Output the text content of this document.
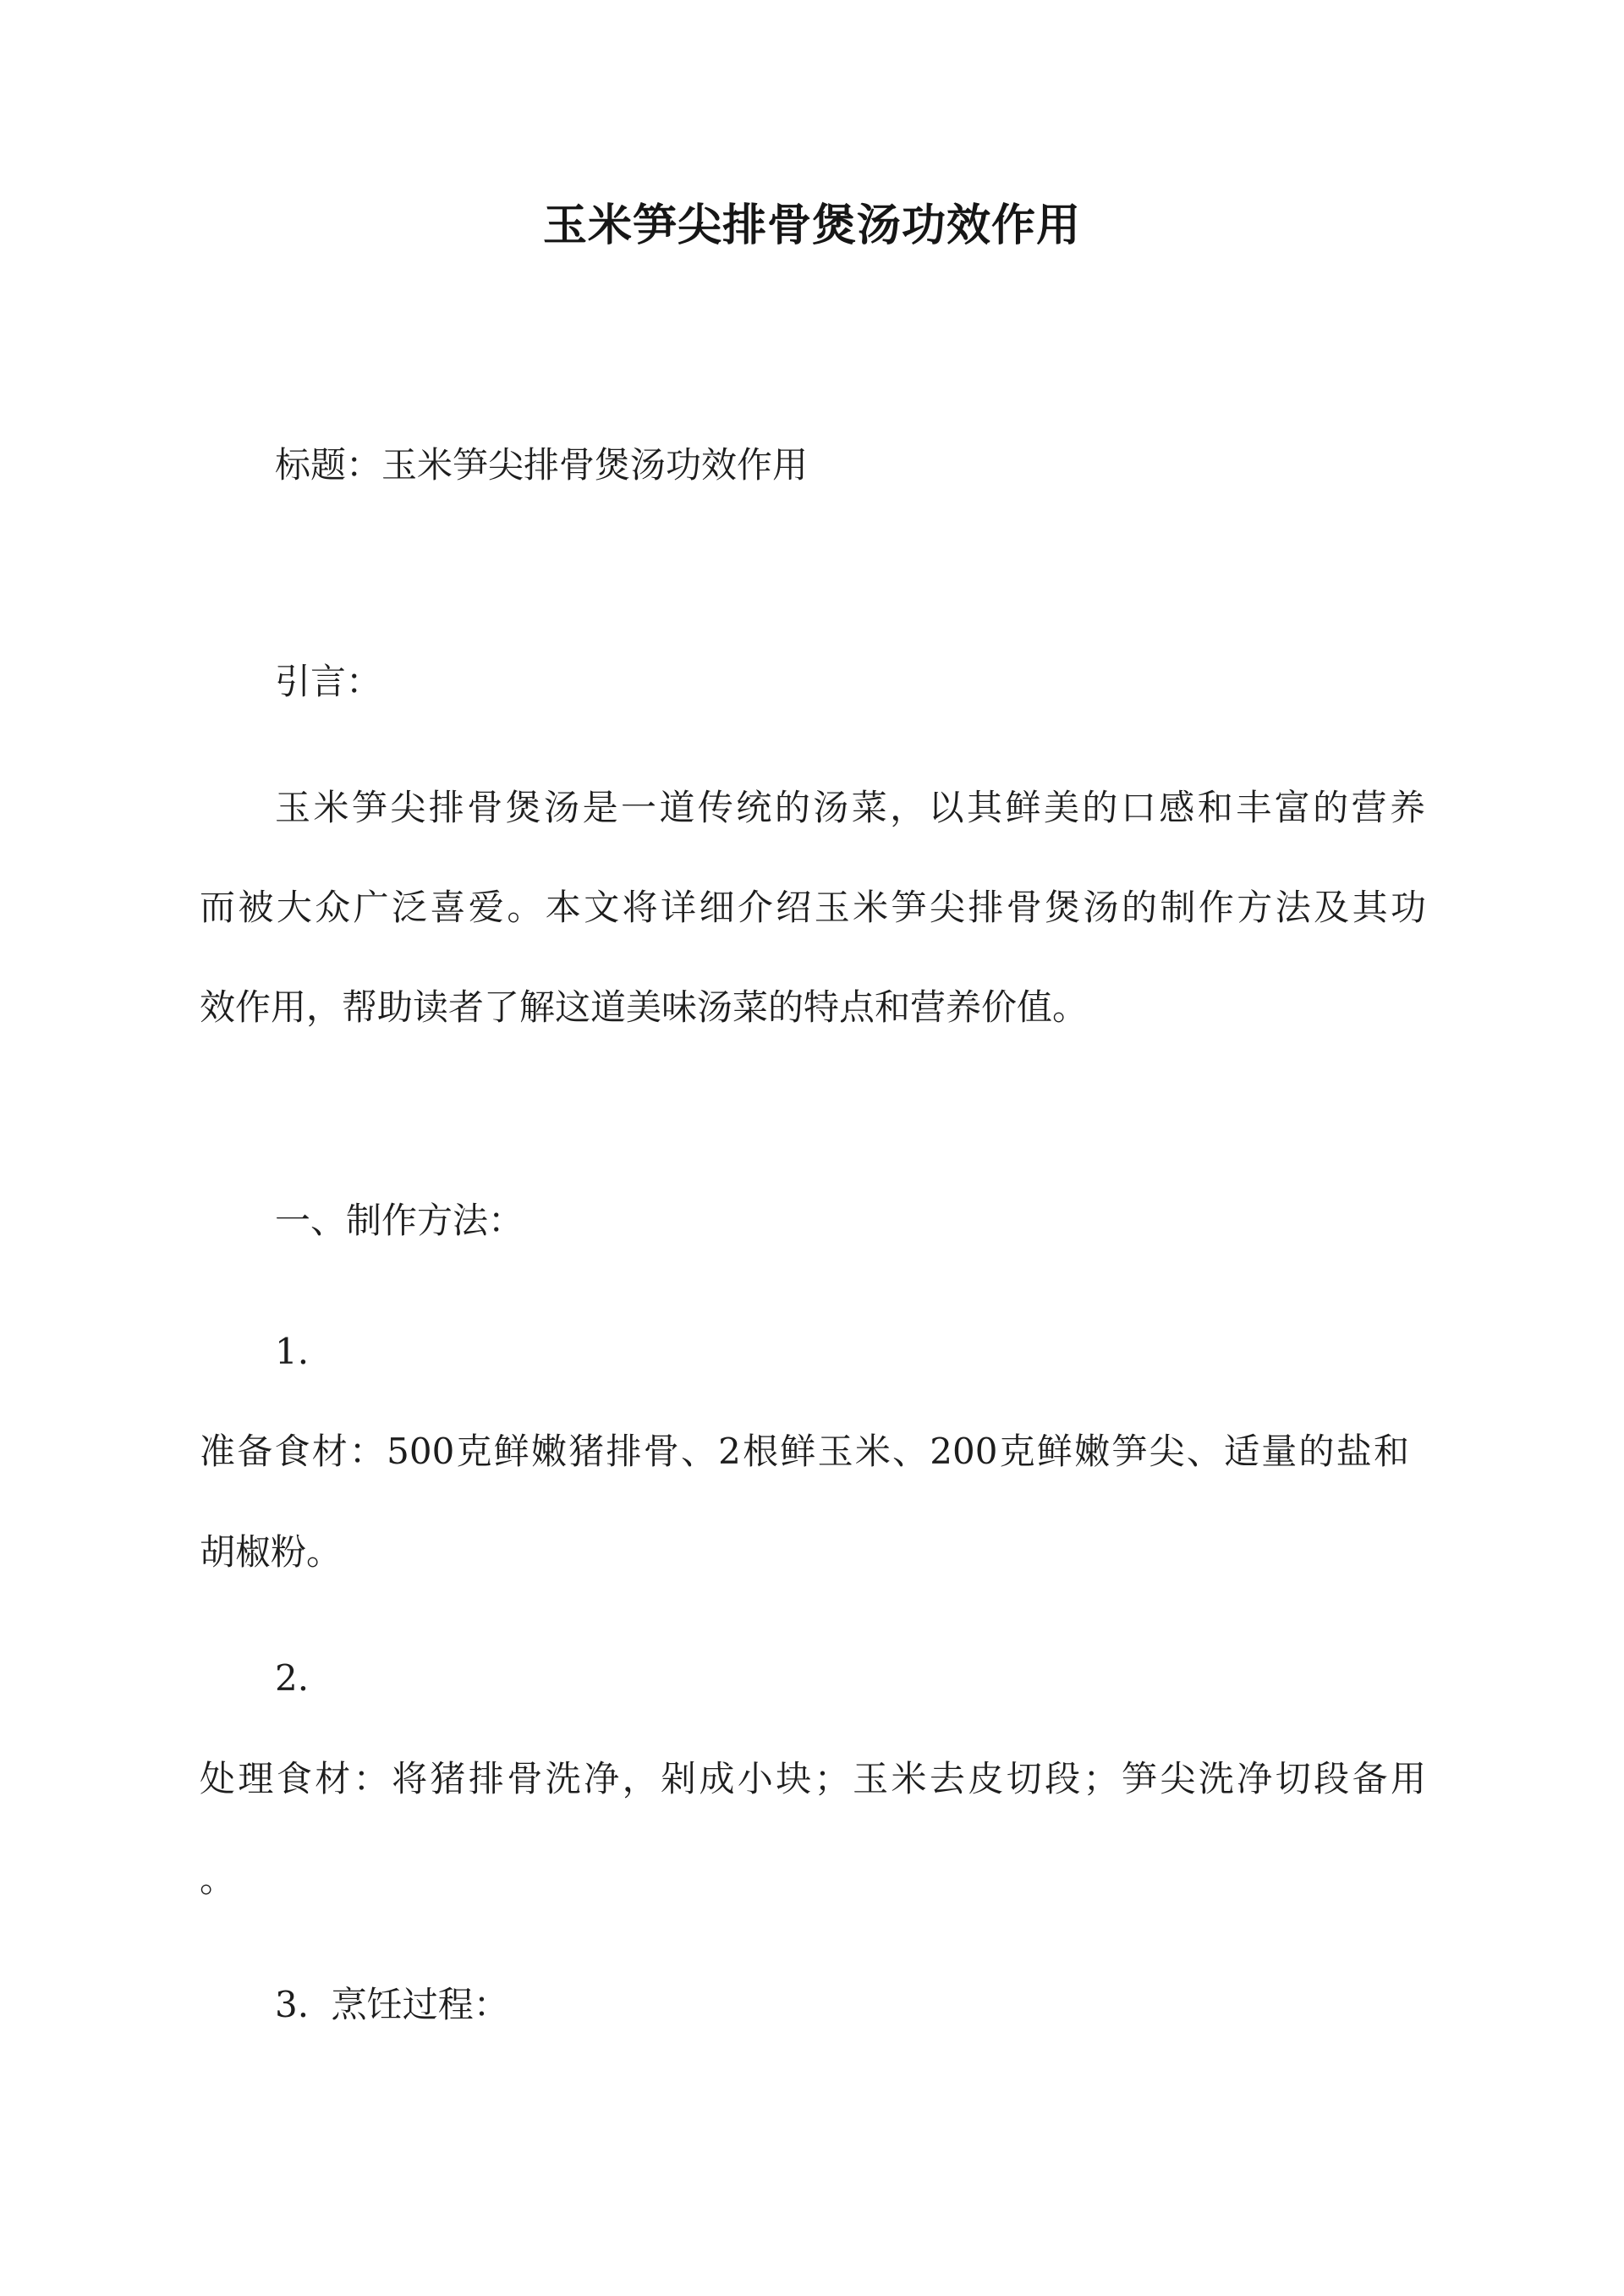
玉米笋尖排骨煲汤功效作用
标题：玉米笋尖排骨煲汤功效作用
引言：
玉米笋尖排骨煲汤是一道传统的汤菜，以其鲜美的口感和丰富的营养
而被大众广泛喜爱。本文将详细介绍玉米笋尖排骨煲汤的制作方法及其功
效作用，帮助读者了解这道美味汤菜的特点和营养价值。
一、制作方法：
1.
准备食材：500克鲜嫩猪排骨、2根鲜玉米、200克鲜嫩笋尖、适量的盐和
胡椒粉。
2.
处理食材：将猪排骨洗净，剁成小块；玉米去皮切段；笋尖洗净切段备用
。
3.  烹饪过程：
